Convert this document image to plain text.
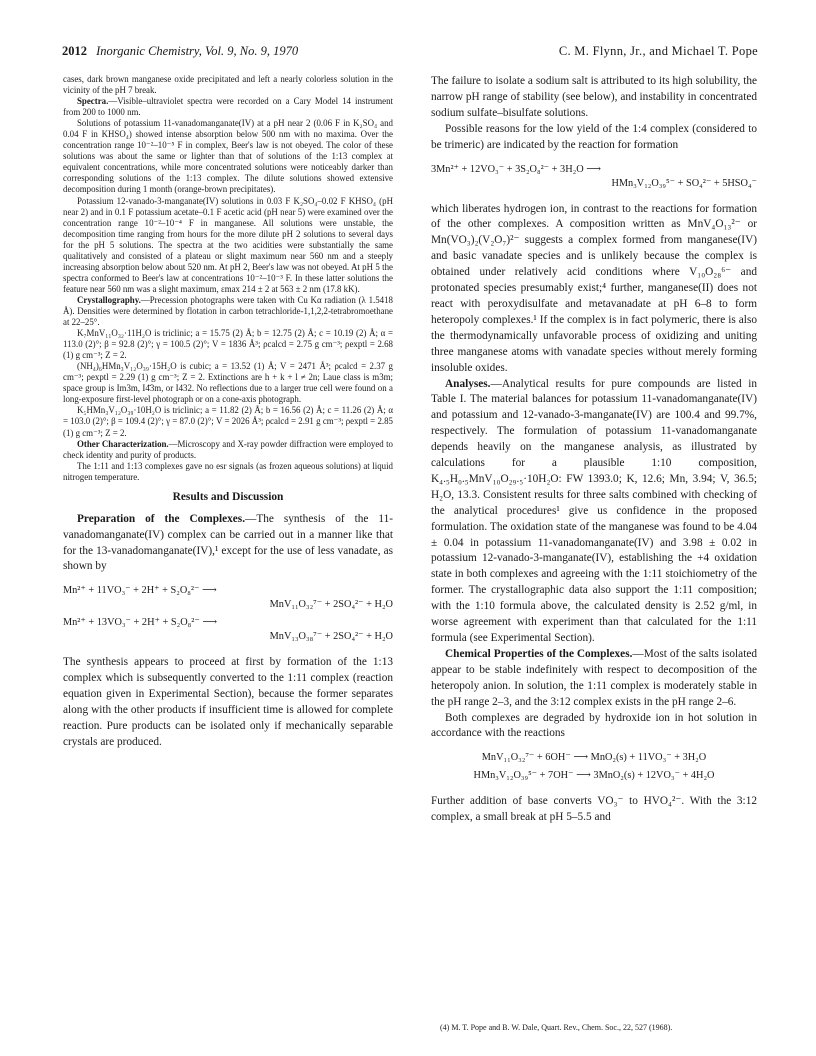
2012 Inorganic Chemistry, Vol. 9, No. 9, 1970	C. M. Flynn, Jr., and Michael T. Pope

cases, dark brown manganese oxide precipitated and left a nearly colorless solution in the vicinity of the pH 7 break.

Spectra.—Visible–ultraviolet spectra were recorded on a Cary Model 14 instrument from 200 to 1000 nm.

Solutions of potassium 11-vanadomanganate(IV) at a pH near 2 (0.06 F in K₂SO₄ and 0.04 F in KHSO₄) showed intense absorption below 500 nm with no maxima. Over the concentration range 10⁻²–10⁻⁵ F in complex, Beer's law is not obeyed. The color of these solutions was about the same or lighter than that of solutions of the 1:13 complex at equivalent concentrations, while more concentrated solutions were noticeably darker than corresponding solutions of the 1:13 complex. The dilute solutions showed extensive decomposition during 1 month (orange-brown precipitates).

Potassium 12-vanado-3-manganate(IV) solutions in 0.03 F K₂SO₄–0.02 F KHSO₄ (pH near 2) and in 0.1 F potassium acetate–0.1 F acetic acid (pH near 5) were examined over the concentration range 10⁻²–10⁻⁴ F in manganese. All solutions were unstable, the decomposition time ranging from hours for the more dilute pH 2 solutions to several days for the pH 5 solutions. The spectra at the two acidities were substantially the same qualitatively and consisted of a plateau or slight maximum near 560 nm and a steeply increasing absorption below about 520 nm. At pH 2, Beer's law was not obeyed. At pH 5 the spectra conformed to Beer's law at concentrations 10⁻²–10⁻³ F. In these latter solutions the feature near 560 nm was a slight maximum, εmax 214 ± 2 at 563 ± 2 nm (17.8 kK).

Crystallography.—Precession photographs were taken with Cu Kα radiation (λ 1.5418 Å). Densities were determined by flotation in carbon tetrachloride-1,1,2,2-tetrabromoethane at 22–25°.

K₇MnV₁₁O₃₂·11H₂O is triclinic; a = 15.75 (2) Å; b = 12.75 (2) Å; c = 10.19 (2) Å; α = 113.0 (2)°; β = 92.8 (2)°; γ = 100.5 (2)°; V = 1836 Å³; ρcalcd = 2.75 g cm⁻³; ρexptl = 2.68 (1) g cm⁻³; Z = 2.

(NH₄)₆HMn₃V₁₂O₃₉·15H₂O is cubic; a = 13.52 (1) Å; V = 2471 Å³; ρcalcd = 2.37 g cm⁻³; ρexptl = 2.29 (1) g cm⁻³; Z = 2. Extinctions are h + k + l ≠ 2n; Laue class is m3m; space group is Im3m, I4̄3m, or I432. No reflections due to a larger true cell were found on a long-exposure first-level photograph or on a cone-axis photograph.

K₅HMn₃V₁₂O₃₉·10H₂O is triclinic; a = 11.82 (2) Å; b = 16.56 (2) Å; c = 11.26 (2) Å; α = 103.0 (2)°; β = 109.4 (2)°; γ = 87.0 (2)°; V = 2026 Å³; ρcalcd = 2.91 g cm⁻³; ρexptl = 2.85 (1) g cm⁻³; Z = 2.

Other Characterization.—Microscopy and X-ray powder diffraction were employed to check identity and purity of products.

The 1:11 and 1:13 complexes gave no esr signals (as frozen aqueous solutions) at liquid nitrogen temperature.

Results and Discussion

Preparation of the Complexes.—The synthesis of the 11-vanadomanganate(IV) complex can be carried out in a manner like that for the 13-vanadomanganate(IV),¹ except for the use of less vanadate, as shown by

Mn²⁺ + 11VO₃⁻ + 2H⁺ + S₂O₈²⁻ ⟶
MnV₁₁O₃₂⁷⁻ + 2SO₄²⁻ + H₂O
Mn²⁺ + 13VO₃⁻ + 2H⁺ + S₂O₈²⁻ ⟶
MnV₁₃O₃₈⁷⁻ + 2SO₄²⁻ + H₂O

The synthesis appears to proceed at first by formation of the 1:13 complex which is subsequently converted to the 1:11 complex (reaction equation given in Experimental Section), because the former separates along with the other products if insufficient time is allowed for complete reaction. Pure products can be isolated only if mechanically separable crystals are produced.

The failure to isolate a sodium salt is attributed to its high solubility, the narrow pH range of stability (see below), and instability in concentrated sodium sulfate–bisulfate solutions.

Possible reasons for the low yield of the 1:4 complex (considered to be trimeric) are indicated by the reaction for formation

3Mn²⁺ + 12VO₃⁻ + 3S₂O₈²⁻ + 3H₂O ⟶
HMn₃V₁₂O₃₉⁵⁻ + SO₄²⁻ + 5HSO₄⁻

which liberates hydrogen ion, in contrast to the reactions for formation of the other complexes. A composition written as MnV₄O₁₃²⁻ or Mn(VO₃)₂(V₂O₇)²⁻ suggests a complex formed from manganese(IV) and basic vanadate species and is unlikely because the complex is obtained under relatively acid conditions where V₁₀O₂₈⁶⁻ and protonated species presumably exist;⁴ further, manganese(II) does not react with peroxydisulfate and metavanadate at pH 6–8 to form heteropoly complexes.¹ If the complex is in fact polymeric, there is also the thermodynamically unfavorable process of oxidizing and uniting three manganese atoms with vanadate species without merely forming insoluble oxides.

Analyses.—Analytical results for pure compounds are listed in Table I. The material balances for potassium 11-vanadomanganate(IV) and potassium and 12-vanado-3-manganate(IV) are 100.4 and 99.7%, respectively. The formulation of potassium 11-vanadomanganate depends heavily on the manganese analysis, as illustrated by calculations for a plausible 1:10 composition, K₄.₅H₀.₅MnV₁₀O₂₉.₅·10H₂O: FW 1393.0; K, 12.6; Mn, 3.94; V, 36.5; H₂O, 13.3. Consistent results for three salts combined with checking of the analytical procedures¹ give us confidence in the proposed formulation. The oxidation state of the manganese was found to be 4.04 ± 0.04 in potassium 11-vanadomanganate(IV) and 3.98 ± 0.02 in potassium 12-vanado-3-manganate(IV), establishing the +4 oxidation state in both complexes and agreeing with the 1:11 stoichiometry of the former. The crystallographic data also support the 1:11 composition; with the 1:10 formula above, the calculated density is 2.52 g/ml, in worse agreement with experiment than that calculated for the 1:11 formula (see Experimental Section).

Chemical Properties of the Complexes.—Most of the salts isolated appear to be stable indefinitely with respect to decomposition of the heteropoly anion. In solution, the 1:11 complex is moderately stable in the pH range 2–3, and the 3:12 complex exists in the pH range 2–6.

Both complexes are degraded by hydroxide ion in hot solution in accordance with the reactions

MnV₁₁O₃₂⁷⁻ + 6OH⁻ ⟶ MnO₂(s) + 11VO₃⁻ + 3H₂O
HMn₃V₁₂O₃₉⁵⁻ + 7OH⁻ ⟶ 3MnO₂(s) + 12VO₃⁻ + 4H₂O

Further addition of base converts VO₃⁻ to HVO₄²⁻. With the 3:12 complex, a small break at pH 5–5.5 and

(4) M. T. Pope and B. W. Dale, Quart. Rev., Chem. Soc., 22, 527 (1968).
